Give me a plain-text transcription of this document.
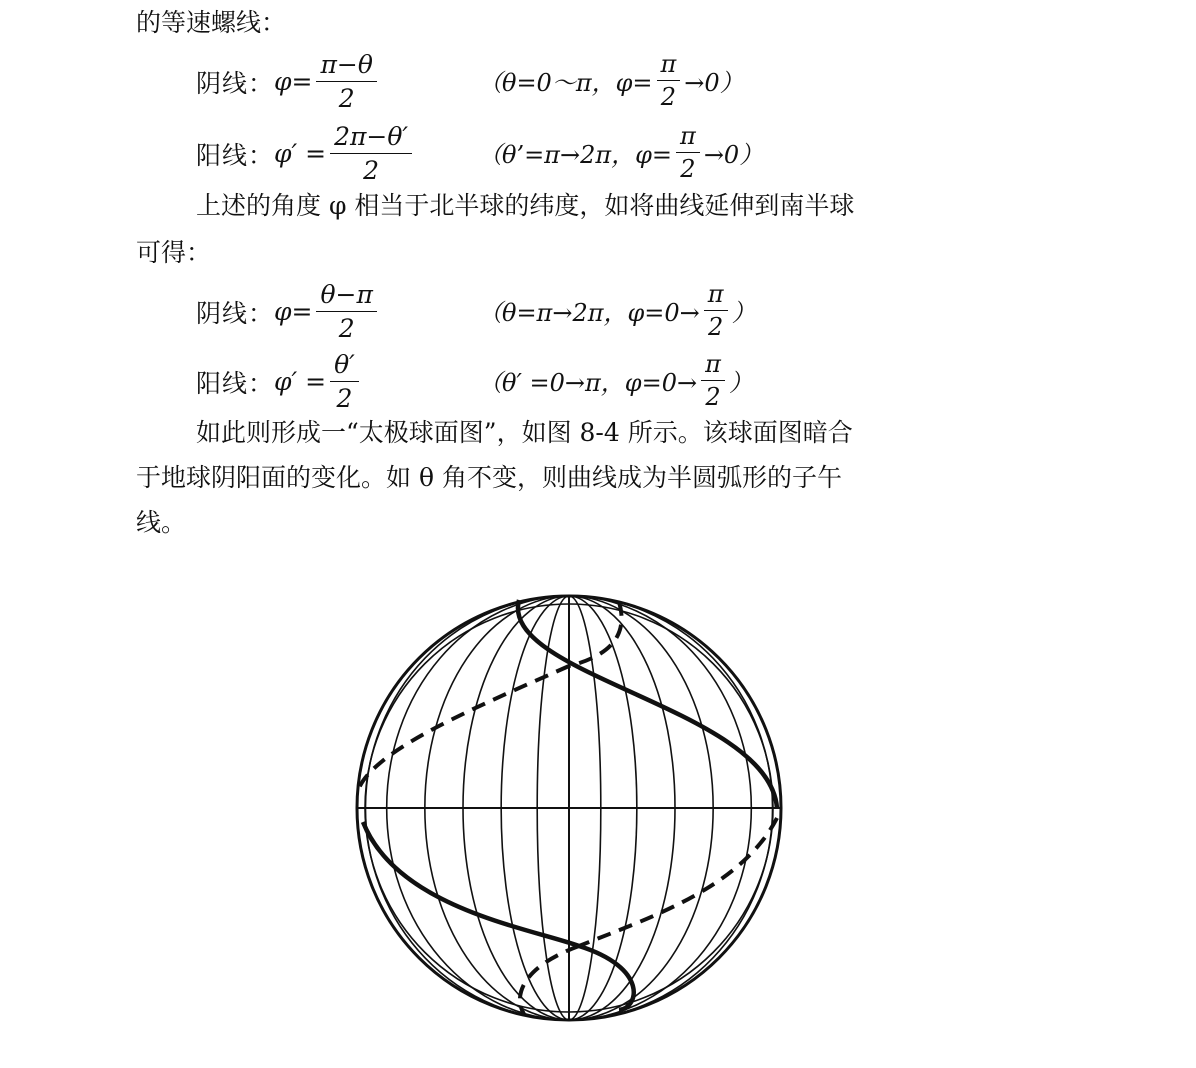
的等速螺线：
阴线： $\varphi= \frac{\pi-\theta}{2}$	（θ=0～π，$\varphi= \frac{\pi}{2} \to 0$）
阳线： $\varphi' = \frac{2\pi-\theta'}{2}$	（θ’=π→2π，$\varphi= \frac{\pi}{2} \to 0$）
上述的角度 φ 相当于北半球的纬度，如将曲线延伸到南半球
可得：
阴线： $\varphi= \frac{\theta-\pi}{2}$	（θ=π→2π，$\varphi=0\to \frac{\pi}{2}$ ）
阳线： $\varphi' = \frac{\theta'}{2}$	（θ′ =0→π，$\varphi=0\to \frac{\pi}{2}$ ）
如此则形成一“太极球面图”，如图 8-4 所示。该球面图暗合
于地球阴阳面的变化。如 θ 角不变，则曲线成为半圆弧形的子午
线。
